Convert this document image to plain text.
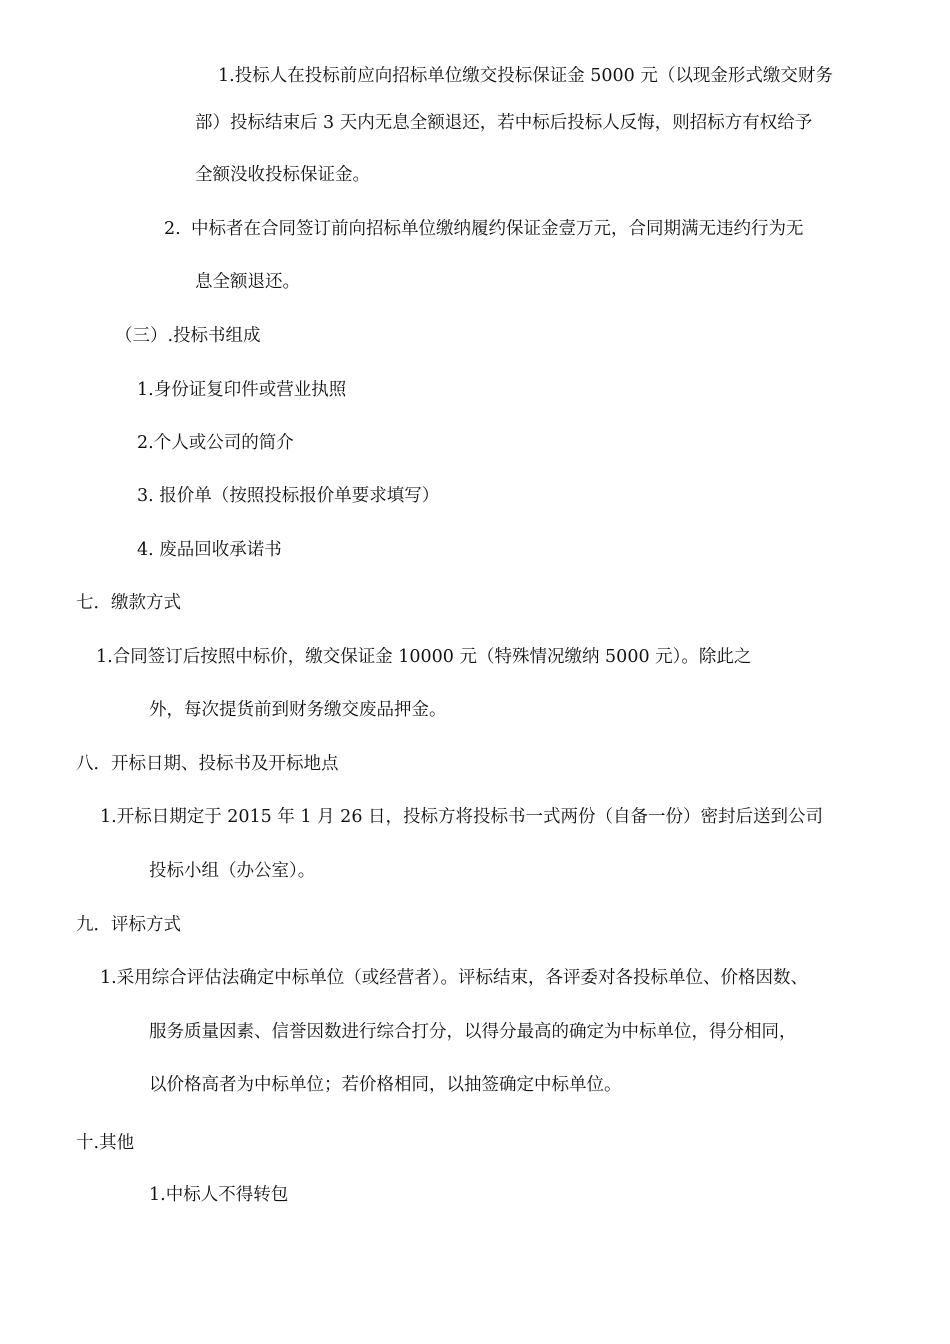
1.投标人在投标前应向招标单位缴交投标保证金 5000 元（以现金形式缴交财务

部）投标结束后 3 天内无息全额退还，若中标后投标人反悔，则招标方有权给予

全额没收投标保证金。

2. 中标者在合同签订前向招标单位缴纳履约保证金壹万元，合同期满无违约行为无

息全额退还。

（三）.投标书组成

1.身份证复印件或营业执照

2.个人或公司的简介

3. 报价单（按照投标报价单要求填写）

4. 废品回收承诺书

七．缴款方式

1.合同签订后按照中标价，缴交保证金 10000 元（特殊情况缴纳 5000 元）。除此之

外，每次提货前到财务缴交废品押金。

八．开标日期、投标书及开标地点

1.开标日期定于 2015 年 1 月 26 日，投标方将投标书一式两份（自备一份）密封后送到公司

投标小组（办公室）。

九．评标方式

1.采用综合评估法确定中标单位（或经营者）。评标结束，各评委对各投标单位、价格因数、

服务质量因素、信誉因数进行综合打分，以得分最高的确定为中标单位，得分相同，

以价格高者为中标单位；若价格相同，以抽签确定中标单位。

十.其他

1.中标人不得转包
